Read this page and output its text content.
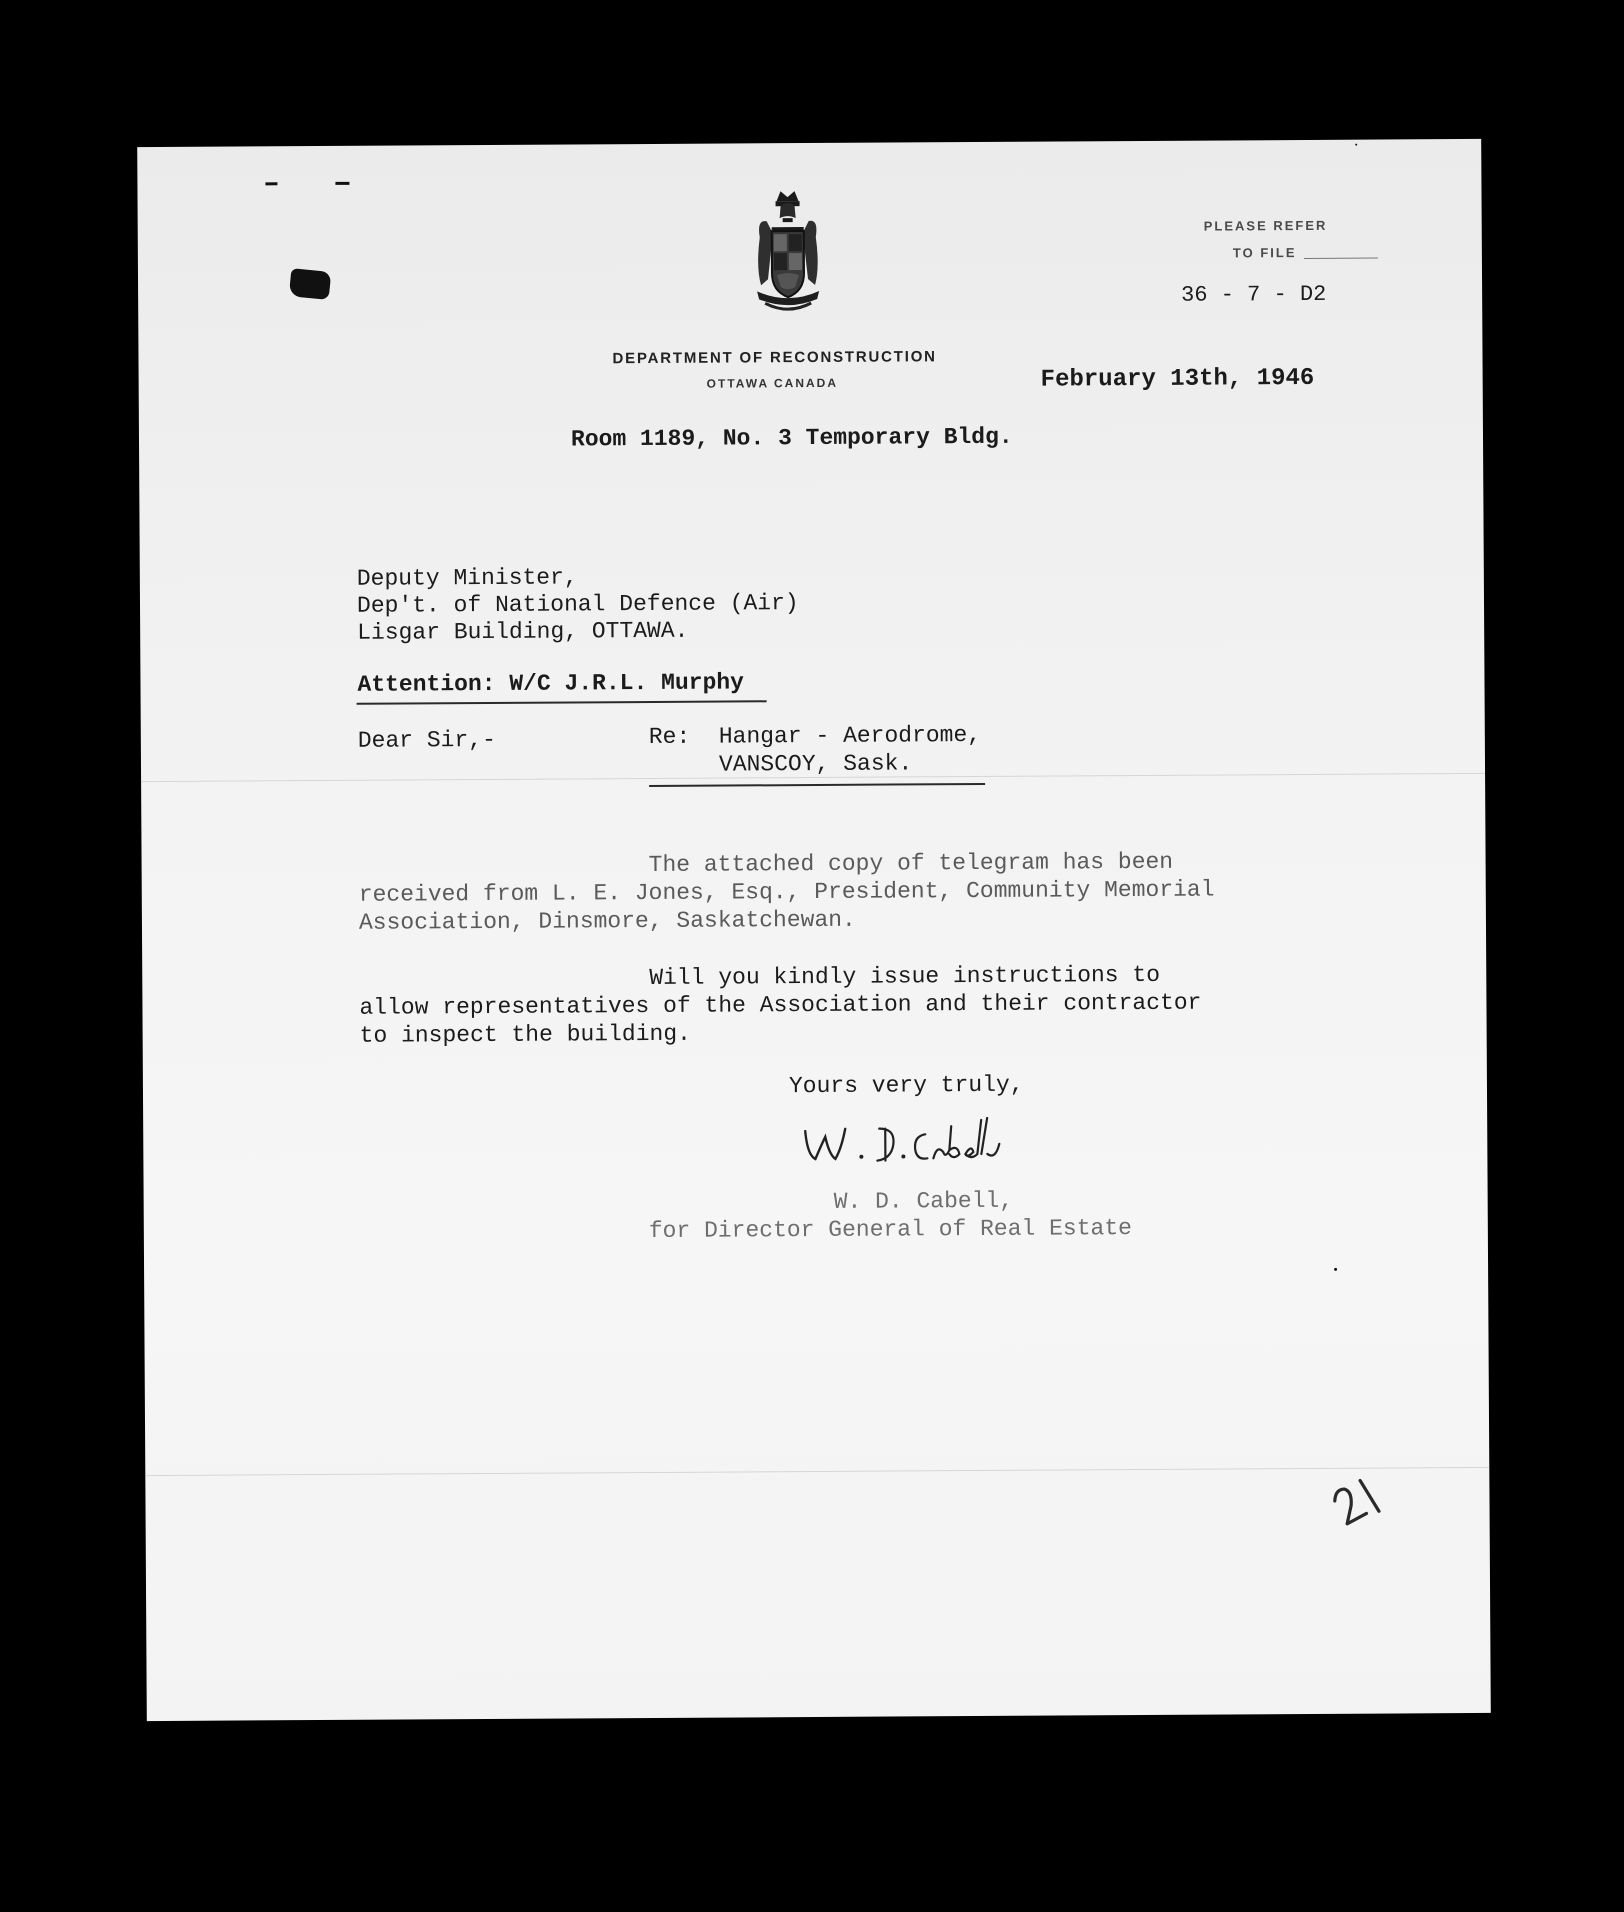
PLEASE REFER
TO FILE
36 - 7 - D2
DEPARTMENT OF RECONSTRUCTION
OTTAWA CANADA	February 13th, 1946
Room 1189, No. 3 Temporary Bldg.
Deputy Minister,
Dep't. of National Defence (Air)
Lisgar Building, OTTAWA.
Attention: W/C J.R.L. Murphy
Dear Sir,-	Re: Hangar - Aerodrome,
VANSCOY, Sask.
The attached copy of telegram has been
received from L. E. Jones, Esq., President, Community Memorial
Association, Dinsmore, Saskatchewan.
Will you kindly issue instructions to
allow representatives of the Association and their contractor
to inspect the building.
Yours very truly,
W. D. Cabell,
for Director General of Real Estate
